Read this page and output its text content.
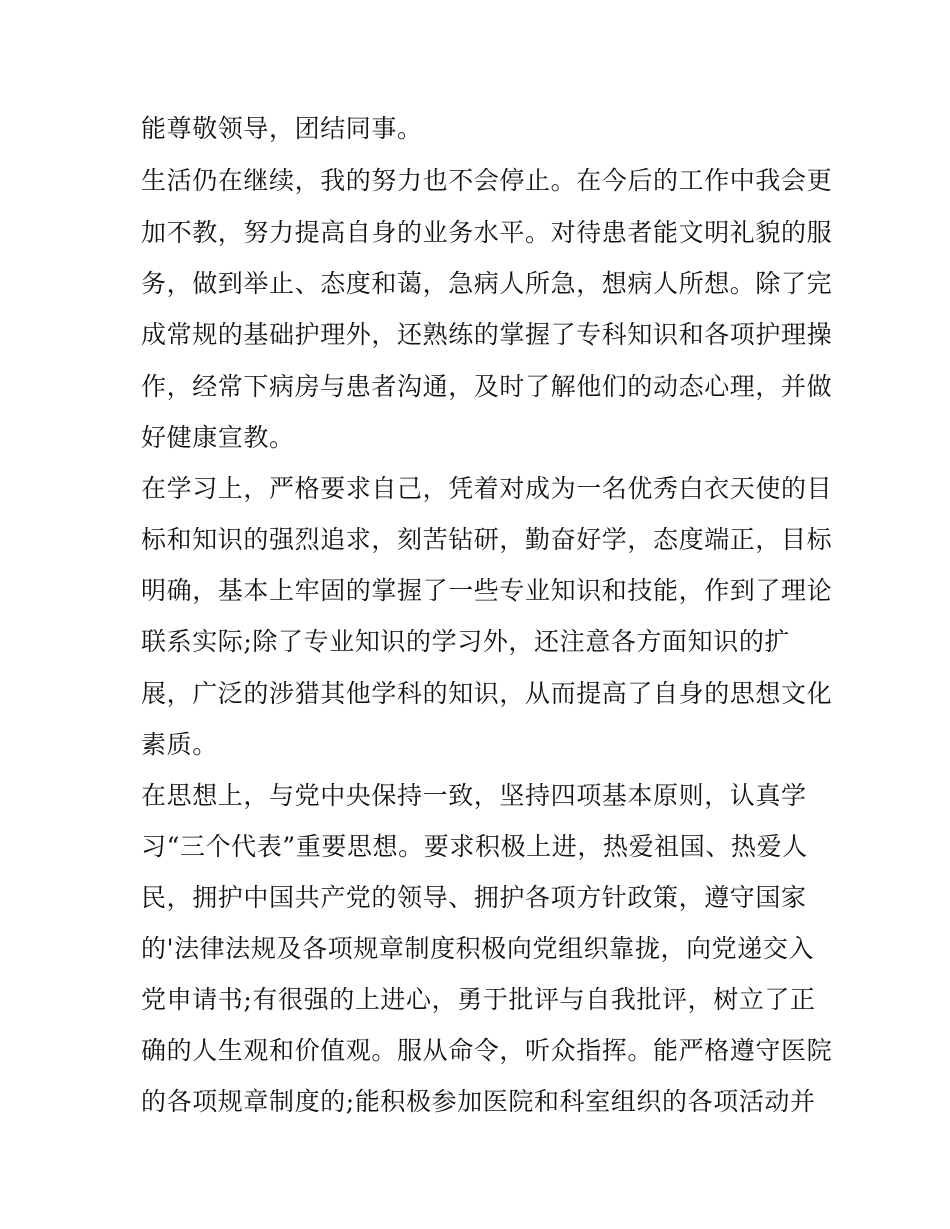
能尊敬领导，团结同事。
生活仍在继续，我的努力也不会停止。在今后的工作中我会更
加不教，努力提高自身的业务水平。对待患者能文明礼貌的服
务，做到举止、态度和蔼，急病人所急，想病人所想。除了完
成常规的基础护理外，还熟练的掌握了专科知识和各项护理操
作，经常下病房与患者沟通，及时了解他们的动态心理，并做
好健康宣教。
在学习上，严格要求自己，凭着对成为一名优秀白衣天使的目
标和知识的强烈追求，刻苦钻研，勤奋好学，态度端正，目标
明确，基本上牢固的掌握了一些专业知识和技能，作到了理论
联系实际;除了专业知识的学习外，还注意各方面知识的扩
展，广泛的涉猎其他学科的知识，从而提高了自身的思想文化
素质。
在思想上，与党中央保持一致，坚持四项基本原则，认真学
习“三个代表”重要思想。要求积极上进，热爱祖国、热爱人
民，拥护中国共产党的领导、拥护各项方针政策，遵守国家
的'法律法规及各项规章制度积极向党组织靠拢，向党递交入
党申请书;有很强的上进心，勇于批评与自我批评，树立了正
确的人生观和价值观。服从命令，听众指挥。能严格遵守医院
的各项规章制度的;能积极参加医院和科室组织的各项活动并
